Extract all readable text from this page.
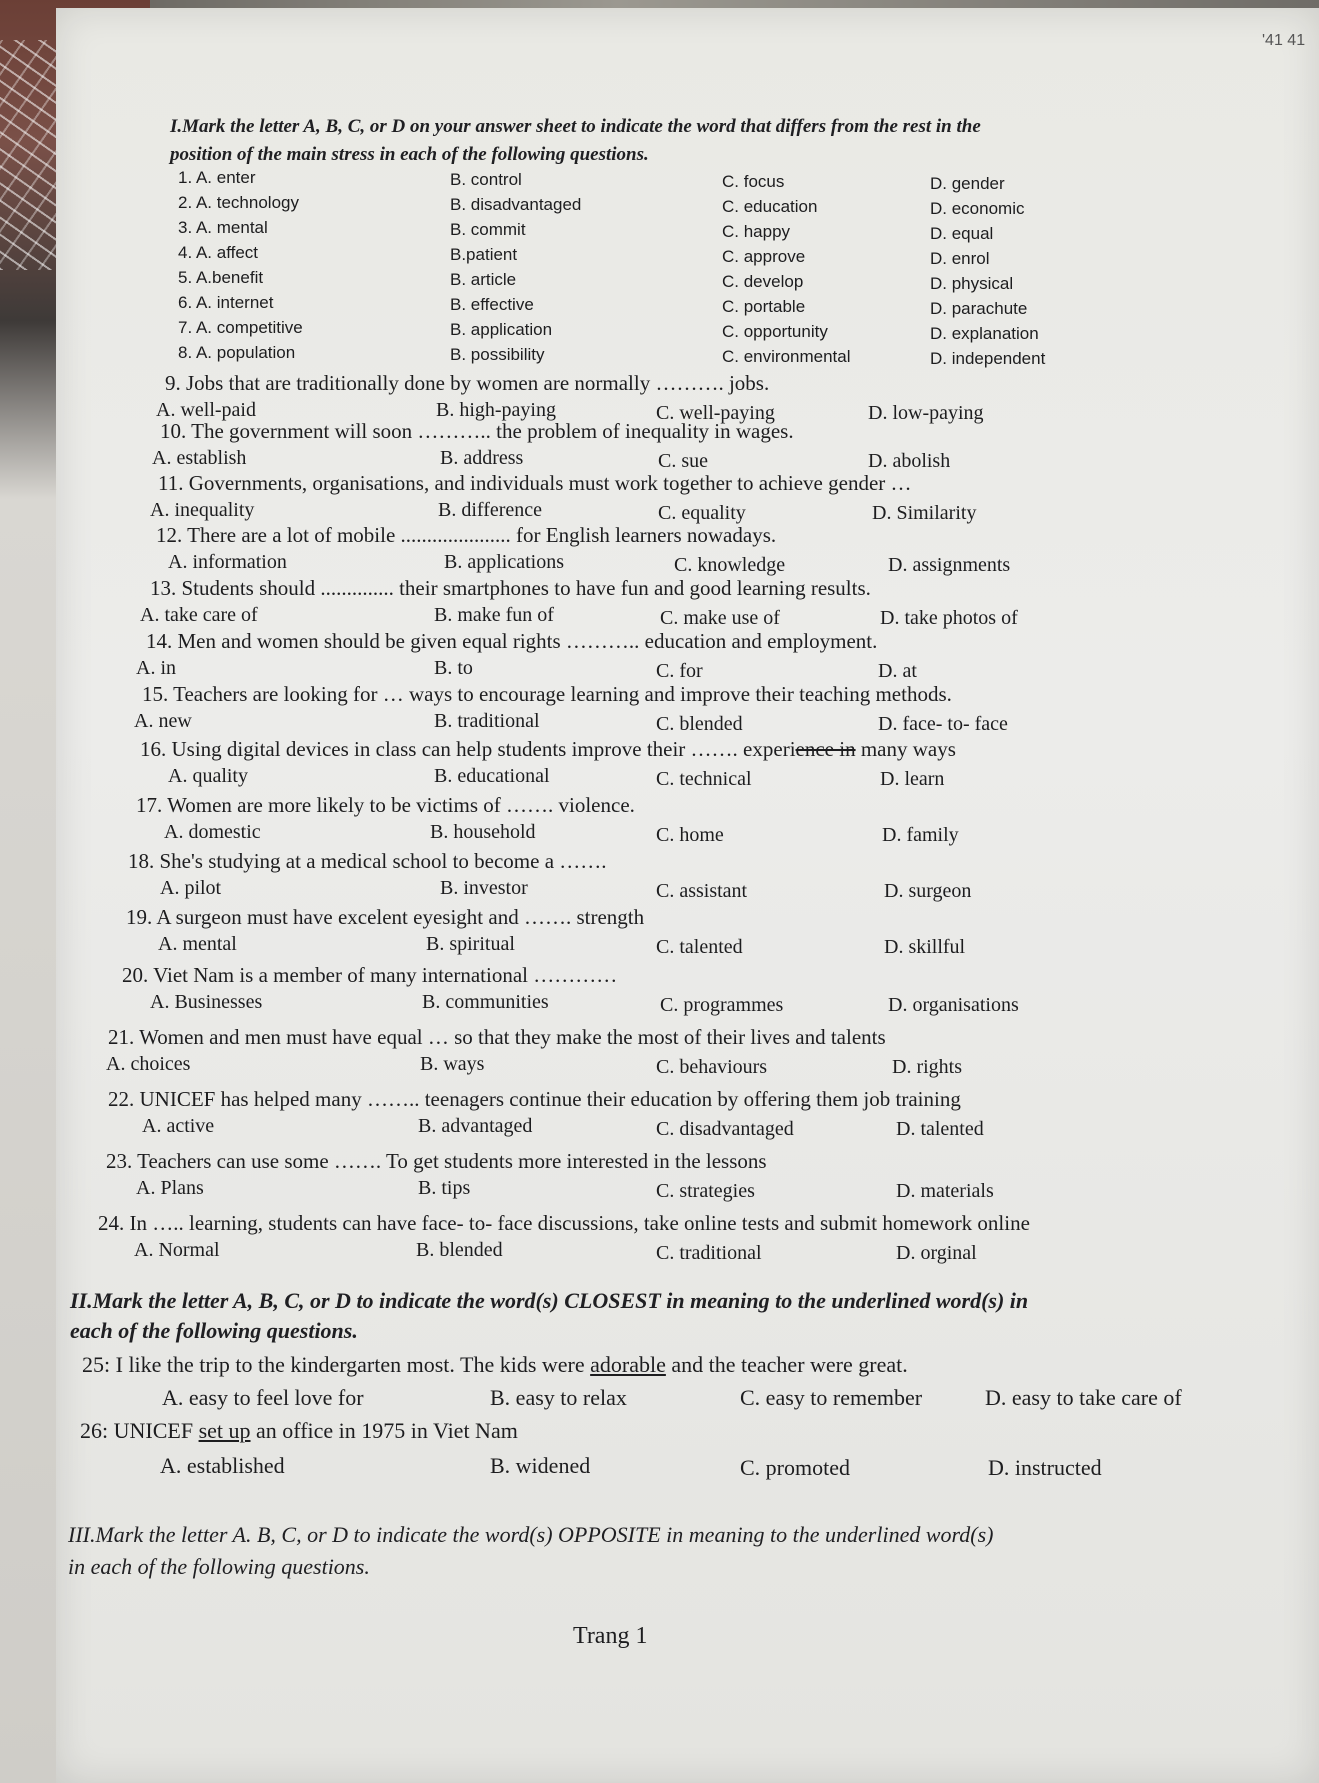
'41 41
I.Mark the letter A, B, C, or D on your answer sheet to indicate the word that differs from the rest in the
position of the main stress in each of the following questions.
1. A. enter	B. control	C. focus	D. gender
2. A. technology	B. disadvantaged	C. education	D. economic
3. A. mental	B. commit	C. happy	D. equal
4. A. affect	B.patient	C. approve	D. enrol
5. A.benefit	B. article	C. develop	D. physical
6. A. internet	B. effective	C. portable	D. parachute
7. A. competitive	B. application	C. opportunity	D. explanation
8. A. population	B. possibility	C. environmental	D. independent
9. Jobs that are traditionally done by women are normally ………. jobs.
A. well-paid	B. high-paying	C. well-paying	D. low-paying
10. The government will soon ……….. the problem of inequality in wages.
A. establish	B. address	C. sue	D. abolish
11. Governments, organisations, and individuals must work together to achieve gender …
A. inequality	B. difference	C. equality	D. Similarity
12. There are a lot of mobile ..................... for English learners nowadays.
A. information	B. applications	C. knowledge	D. assignments
13. Students should .............. their smartphones to have fun and good learning results.
A. take care of	B. make fun of	C. make use of	D. take photos of
14. Men and women should be given equal rights ……….. education and employment.
A. in	B. to	C. for	D. at
15. Teachers are looking for … ways to encourage learning and improve their teaching methods.
A. new	B. traditional	C. blended	D. face- to- face
16. Using digital devices in class can help students improve their ……. experience in many ways
A. quality	B. educational	C. technical	D. learn
17. Women are more likely to be victims of ……. violence.
A. domestic	B. household	C. home	D. family
18. She's studying at a medical school to become a …….
A. pilot	B. investor	C. assistant	D. surgeon
19. A surgeon must have excelent eyesight and ……. strength
A. mental	B. spiritual	C. talented	D. skillful
20. Viet Nam is a member of many international …………
A. Businesses	B. communities	C. programmes	D. organisations
21. Women and men must have equal … so that they make the most of their lives and talents
A. choices	B. ways	C. behaviours	D. rights
22. UNICEF has helped many …….. teenagers continue their education by offering them job training
A. active	B. advantaged	C. disadvantaged	D. talented
23. Teachers can use some ……. To get students more interested in the lessons
A. Plans	B. tips	C. strategies	D. materials
24. In ….. learning, students can have face- to- face discussions, take online tests and submit homework online
A. Normal	B. blended	C. traditional	D. orginal
II.Mark the letter A, B, C, or D to indicate the word(s) CLOSEST in meaning to the underlined word(s) in
each of the following questions.
25: I like the trip to the kindergarten most. The kids were adorable and the teacher were great.
A. easy to feel love for	B. easy to relax	C. easy to remember	D. easy to take care of
26: UNICEF set up an office in 1975 in Viet Nam
A. established	B. widened	C. promoted	D. instructed
III.Mark the letter A. B, C, or D to indicate the word(s) OPPOSITE in meaning to the underlined word(s)
in each of the following questions.
Trang 1
